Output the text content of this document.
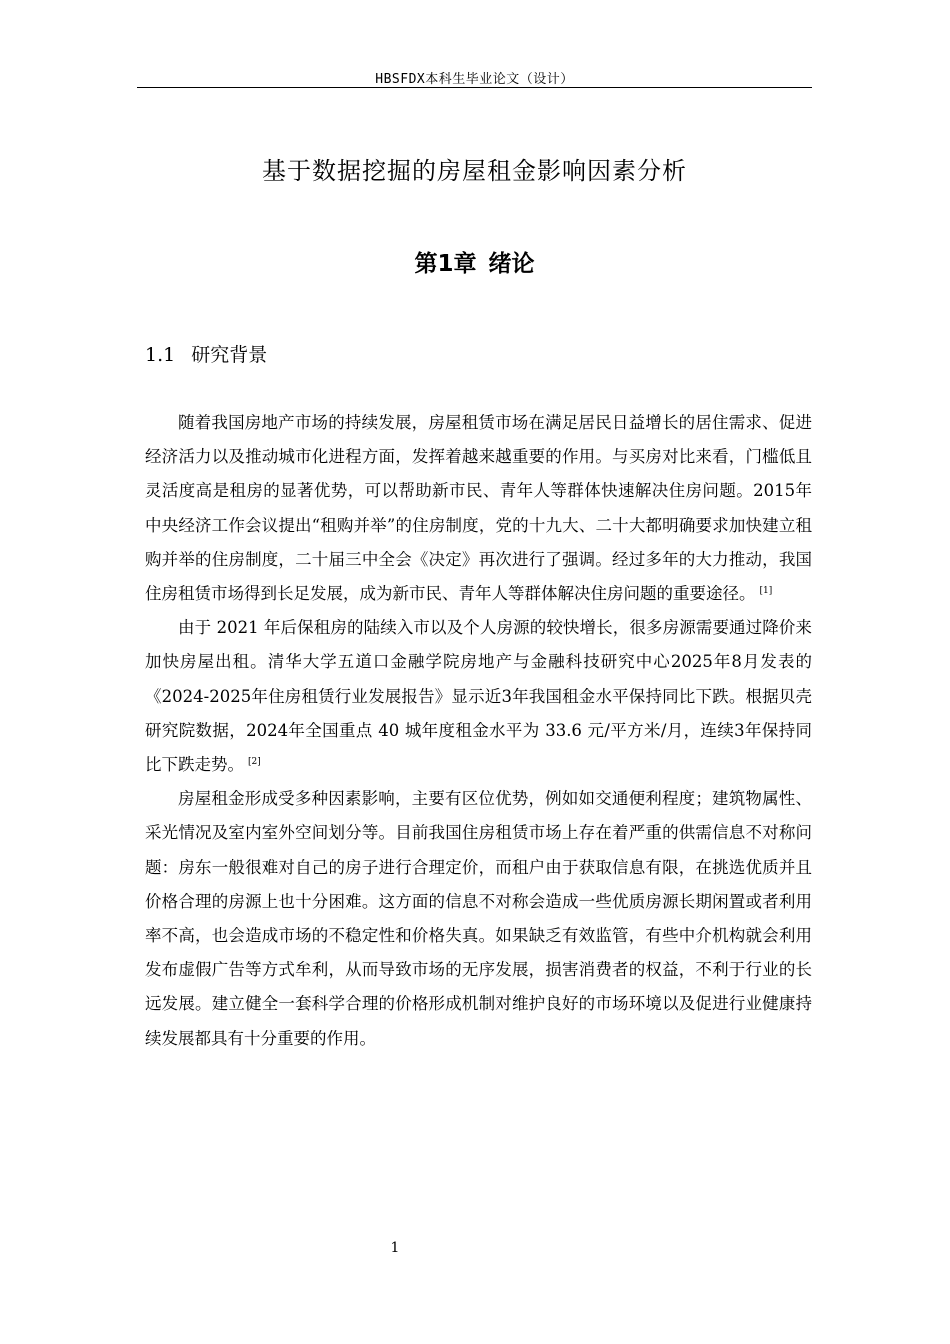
HBSFDX本科生毕业论文（设计）
基于数据挖掘的房屋租金影响因素分析
第1章 绪论
1.1 研究背景

随着我国房地产市场的持续发展，房屋租赁市场在满足居民日益增长的居住需求、促进经济活力以及推动城市化进程方面，发挥着越来越重要的作用。与买房对比来看，门槛低且灵活度高是租房的显著优势，可以帮助新市民、青年人等群体快速解决住房问题。2015年中央经济工作会议提出“租购并举”的住房制度，党的十九大、二十大都明确要求加快建立租购并举的住房制度，二十届三中全会《决定》再次进行了强调。经过多年的大力推动，我国住房租赁市场得到长足发展，成为新市民、青年人等群体解决住房问题的重要途径。 [1]

由于 2021 年后保租房的陆续入市以及个人房源的较快增长，很多房源需要通过降价来加快房屋出租。清华大学五道口金融学院房地产与金融科技研究中心2025年8月发表的《2024-2025年住房租赁行业发展报告》显示近3年我国租金水平保持同比下跌。根据贝壳研究院数据，2024年全国重点 40 城年度租金水平为 33.6 元/平方米/月，连续3年保持同比下跌走势。 [2]

房屋租金形成受多种因素影响，主要有区位优势，例如如交通便利程度；建筑物属性、采光情况及室内室外空间划分等。目前我国住房租赁市场上存在着严重的供需信息不对称问题：房东一般很难对自己的房子进行合理定价，而租户由于获取信息有限，在挑选优质并且价格合理的房源上也十分困难。这方面的信息不对称会造成一些优质房源长期闲置或者利用率不高，也会造成市场的不稳定性和价格失真。如果缺乏有效监管，有些中介机构就会利用发布虚假广告等方式牟利，从而导致市场的无序发展，损害消费者的权益，不利于行业的长远发展。建立健全一套科学合理的价格形成机制对维护良好的市场环境以及促进行业健康持续发展都具有十分重要的作用。

1
